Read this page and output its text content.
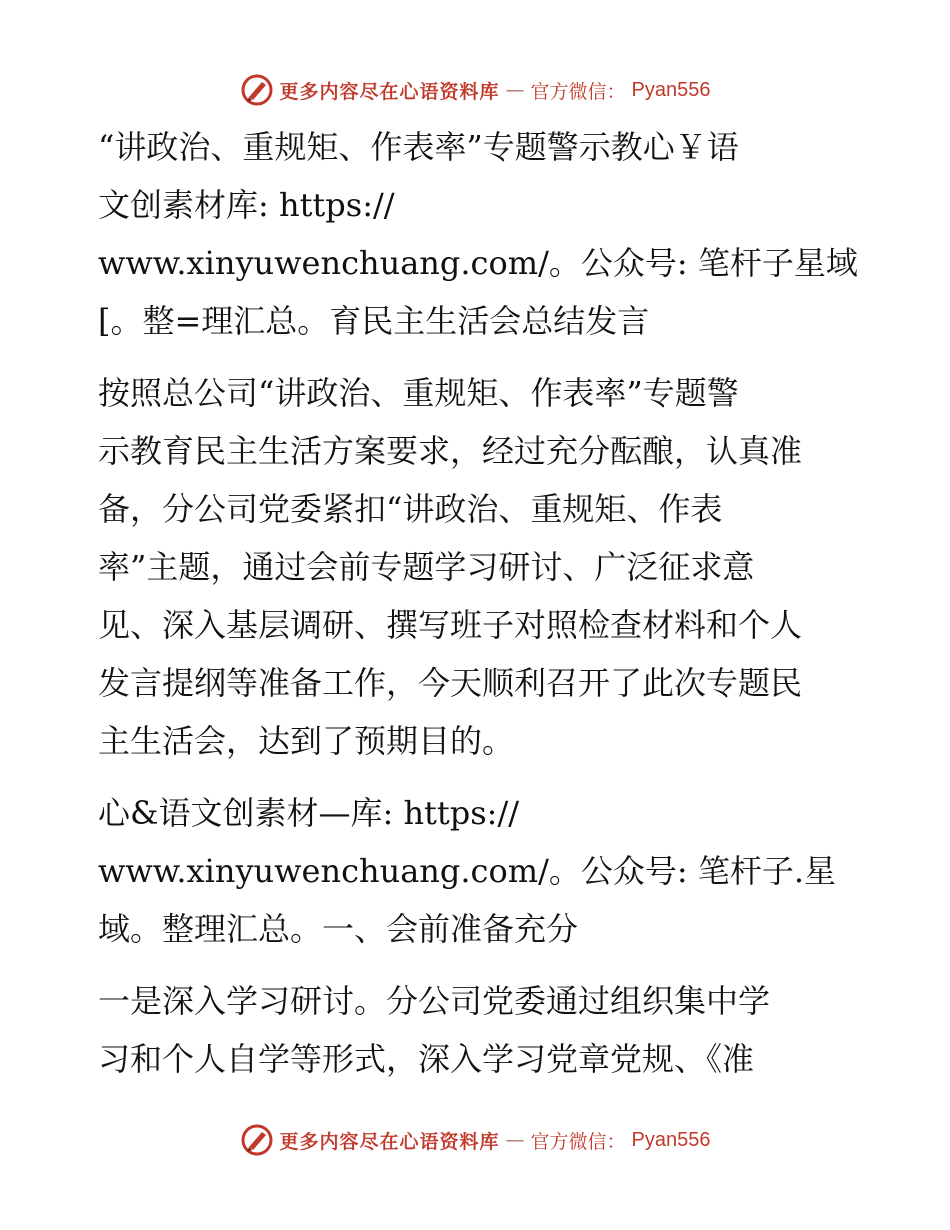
更多内容尽在心语资料库 — 官方微信： Pyan556

“讲政治、重规矩、作表率”专题警示教心￥语
文创素材库: https://
www.xinyuwenchuang.com/。公众号: 笔杆子星域
[。整=理汇总。育民主生活会总结发言

按照总公司“讲政治、重规矩、作表率”专题警
示教育民主生活方案要求，经过充分酝酿，认真准
备，分公司党委紧扣“讲政治、重规矩、作表
率”主题，通过会前专题学习研讨、广泛征求意
见、深入基层调研、撰写班子对照检查材料和个人
发言提纲等准备工作，今天顺利召开了此次专题民
主生活会，达到了预期目的。

心&语文创素材—库: https://
www.xinyuwenchuang.com/。公众号: 笔杆子.星
域。整理汇总。一、会前准备充分

一是深入学习研讨。分公司党委通过组织集中学
习和个人自学等形式，深入学习党章党规、《准

更多内容尽在心语资料库 — 官方微信： Pyan556
